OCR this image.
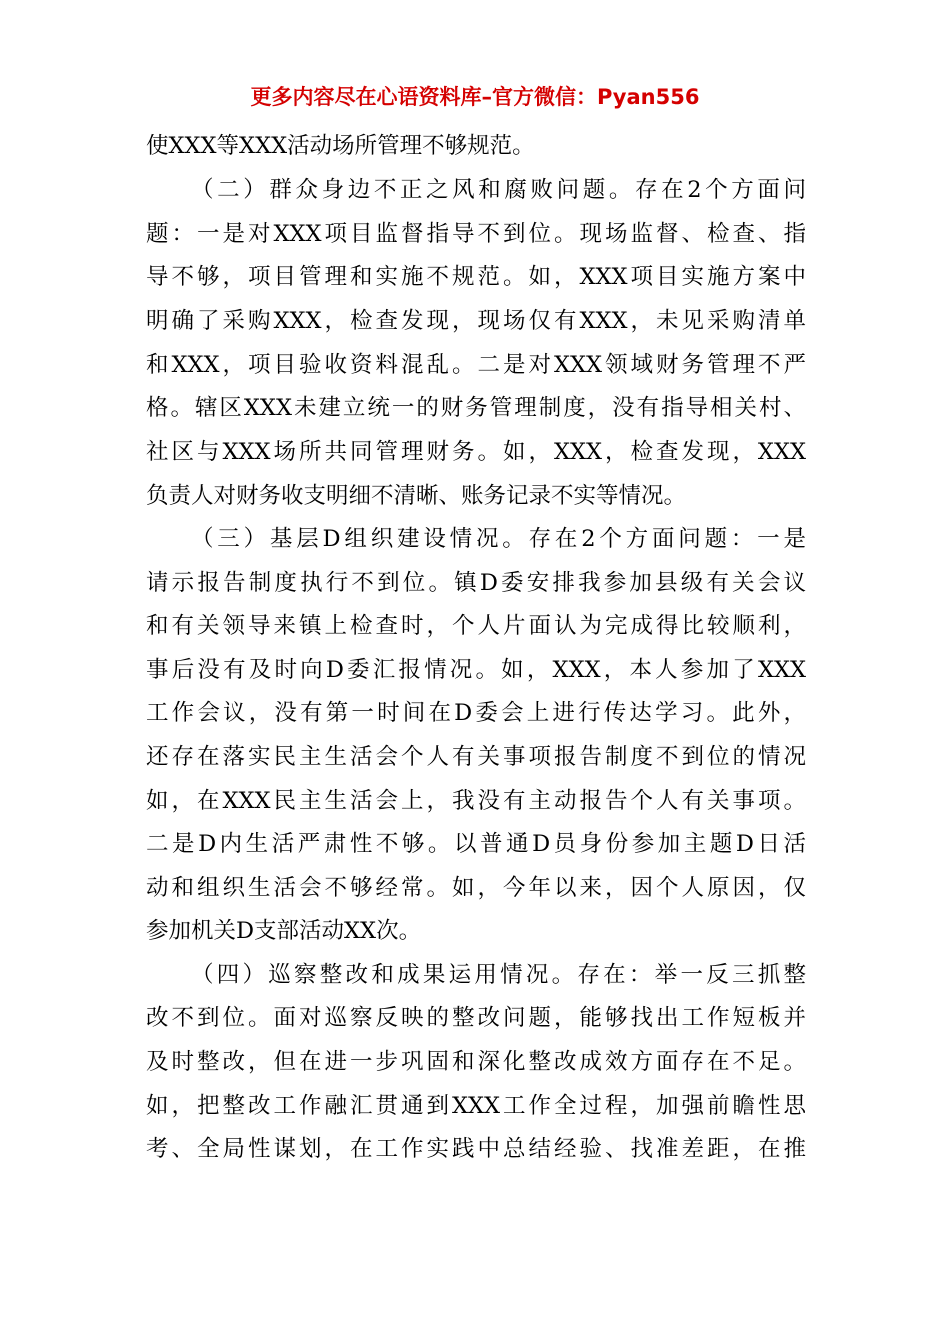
更多内容尽在心语资料库–官方微信：Pyan556
使XXX等XXX活动场所管理不够规范。
（二）群众身边不正之风和腐败问题。存在2个方面问
题：一是对XXX项目监督指导不到位。现场监督、检查、指
导不够，项目管理和实施不规范。如，XXX项目实施方案中
明确了采购XXX，检查发现，现场仅有XXX，未见采购清单
和XXX，项目验收资料混乱。二是对XXX领域财务管理不严
格。辖区XXX未建立统一的财务管理制度，没有指导相关村、
社区与XXX场所共同管理财务。如，XXX，检查发现，XXX
负责人对财务收支明细不清晰、账务记录不实等情况。
（三）基层D组织建设情况。存在2个方面问题：一是
请示报告制度执行不到位。镇D委安排我参加县级有关会议
和有关领导来镇上检查时，个人片面认为完成得比较顺利，
事后没有及时向D委汇报情况。如，XXX，本人参加了XXX
工作会议，没有第一时间在D委会上进行传达学习。此外，
还存在落实民主生活会个人有关事项报告制度不到位的情况
如，在XXX民主生活会上，我没有主动报告个人有关事项。
二是D内生活严肃性不够。以普通D员身份参加主题D日活
动和组织生活会不够经常。如，今年以来，因个人原因，仅
参加机关D支部活动XX次。
（四）巡察整改和成果运用情况。存在：举一反三抓整
改不到位。面对巡察反映的整改问题，能够找出工作短板并
及时整改，但在进一步巩固和深化整改成效方面存在不足。
如，把整改工作融汇贯通到XXX工作全过程，加强前瞻性思
考、全局性谋划，在工作实践中总结经验、找准差距，在推
